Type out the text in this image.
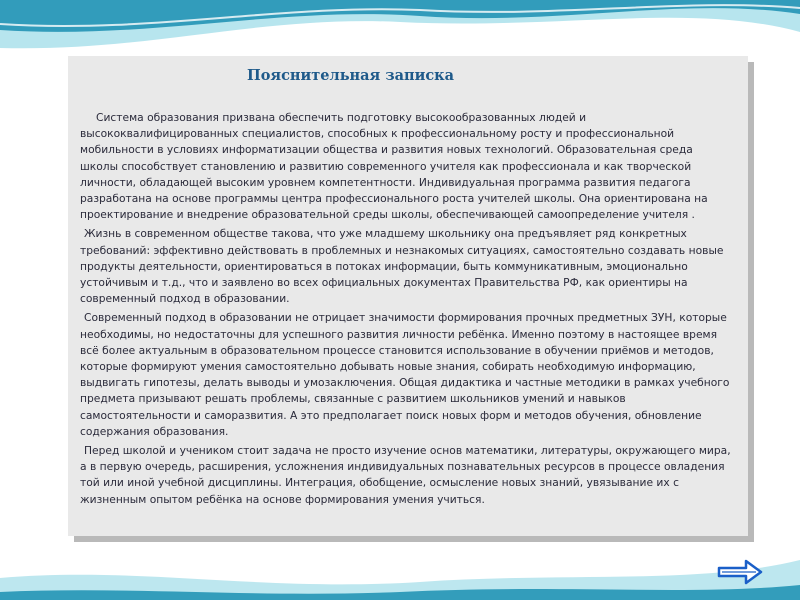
Пояснительная записка

Система образования призвана обеспечить подготовку высокообразованных людей и высококвалифицированных специалистов, способных к профессиональному росту и профессиональной мобильности в условиях информатизации общества и развития новых технологий. Образовательная среда школы способствует становлению и развитию современного учителя как профессионала и как творческой личности, обладающей высоким уровнем компетентности. Индивидуальная программа развития педагога разработана на основе программы центра профессионального роста учителей школы. Она ориентирована на проектирование и внедрение образовательной среды школы, обеспечивающей самоопределение учителя .

Жизнь в современном обществе такова, что уже младшему школьнику она предъявляет ряд конкретных требований: эффективно действовать в проблемных и незнакомых ситуациях, самостоятельно создавать новые продукты деятельности, ориентироваться в потоках информации, быть коммуникативным, эмоционально устойчивым и т.д., что и заявлено во всех официальных документах Правительства РФ, как ориентиры на современный подход в образовании.

Современный подход в образовании не отрицает значимости формирования прочных предметных ЗУН, которые необходимы, но недостаточны для успешного развития личности ребёнка. Именно поэтому в настоящее время всё более актуальным в образовательном процессе становится использование в обучении приёмов и методов, которые формируют умения самостоятельно добывать новые знания, собирать необходимую информацию, выдвигать гипотезы, делать выводы и умозаключения. Общая дидактика и частные методики в рамках учебного предмета призывают решать проблемы, связанные с развитием школьников умений и навыков самостоятельности и саморазвития. А это предполагает поиск новых форм и методов обучения, обновление содержания образования.

Перед школой и учеником стоит задача не просто изучение основ математики, литературы, окружающего мира, а в первую очередь, расширения, усложнения индивидуальных познавательных ресурсов в процессе овладения той или иной учебной дисциплины. Интеграция, обобщение, осмысление новых знаний, увязывание их с жизненным опытом ребёнка на основе формирования умения учиться.
